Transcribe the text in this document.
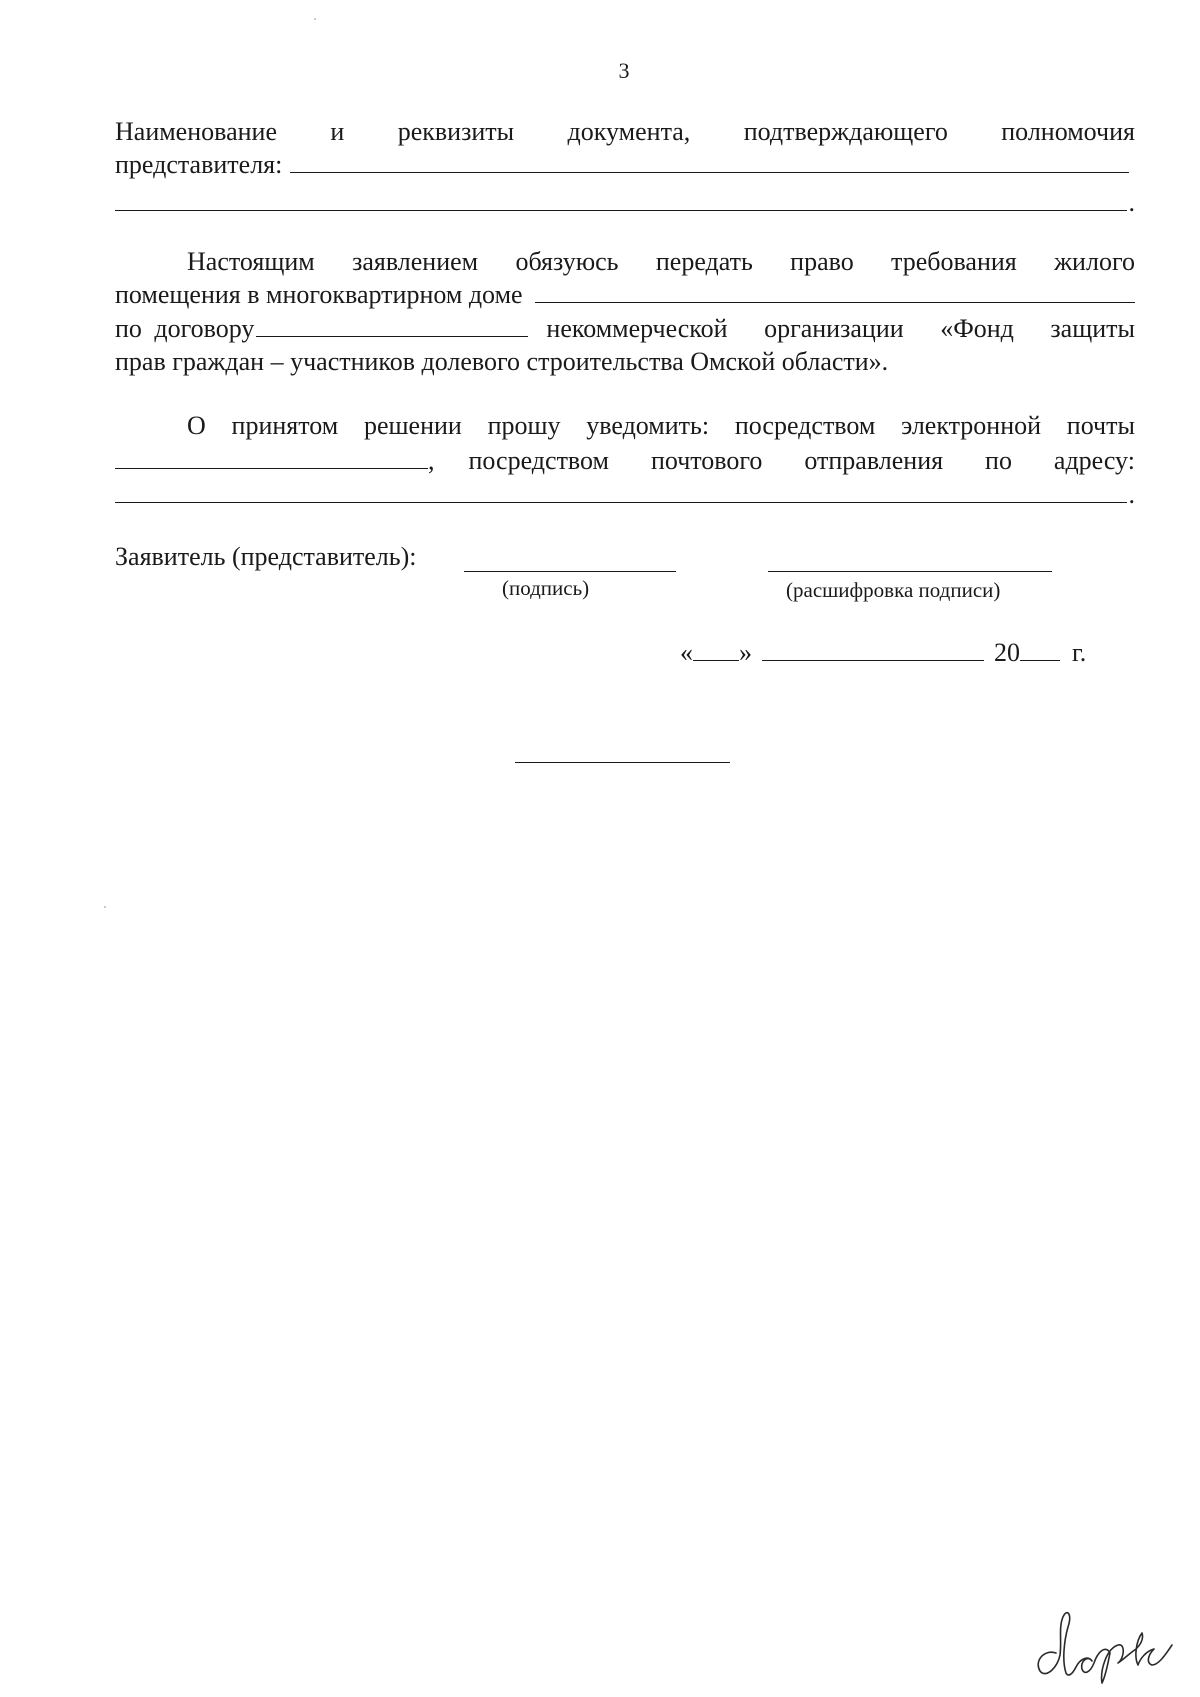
3
Наименование и реквизиты документа, подтверждающего полномочия
представителя:
.
Настоящим заявлением обязуюсь передать право требования жилого
помещения в многоквартирном доме
по договору	некоммерческой организации «Фонд защиты
прав граждан – участников долевого строительства Омской области».
О принятом решении прошу уведомить: посредством электронной почты
, посредством почтового отправления по адресу:
.
Заявитель (представитель):
(подпись)	(расшифровка подписи)
« »	20 г.
